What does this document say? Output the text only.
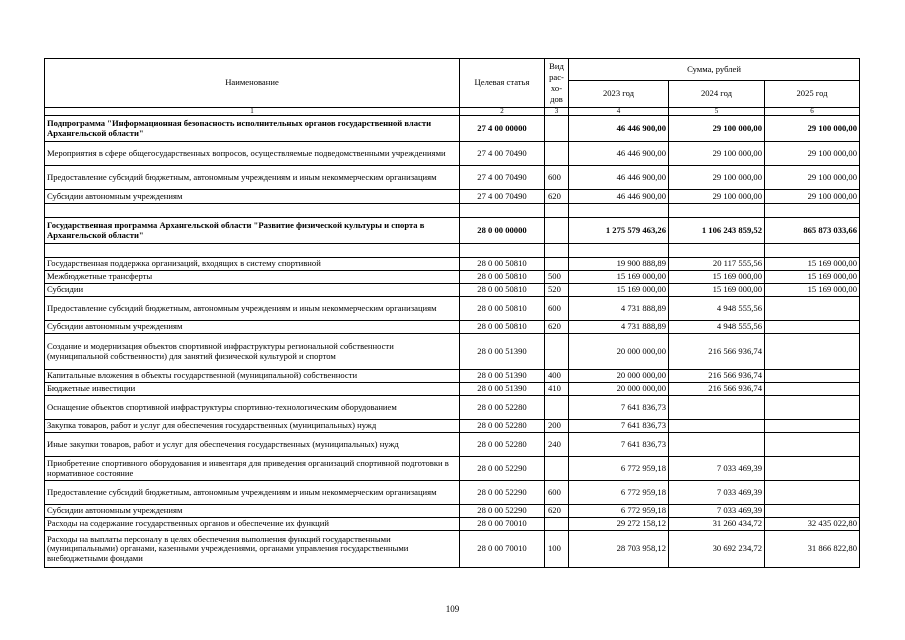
Наименование	Целевая статья	Вид рас-
хо-
дов	Сумма, рублей		
			2023 год	2024 год	2025 год
1	2	3	4	5	6
Подпрограмма "Информационная безопасность исполнительных органов государственной власти Архангельской области"	27 4 00 00000		46 446 900,00	29 100 000,00	29 100 000,00
Мероприятия в сфере общегосударственных вопросов, осуществляемые подведомственными учреждениями	27 4 00 70490		46 446 900,00	29 100 000,00	29 100 000,00
Предоставление субсидий бюджетным, автономным учреждениям и иным некоммерческим организациям	27 4 00 70490	600	46 446 900,00	29 100 000,00	29 100 000,00
Субсидии автономным учреждениям	27 4 00 70490	620	46 446 900,00	29 100 000,00	29 100 000,00

Государственная программа Архангельской области "Развитие физической культуры и спорта в Архангельской области"	28 0 00 00000		1 275 579 463,26	1 106 243 859,52	865 873 033,66

Государственная поддержка организаций, входящих в систему спортивной	28 0 00 50810		19 900 888,89	20 117 555,56	15 169 000,00
Межбюджетные трансферты	28 0 00 50810	500	15 169 000,00	15 169 000,00	15 169 000,00
Субсидии	28 0 00 50810	520	15 169 000,00	15 169 000,00	15 169 000,00
Предоставление субсидий бюджетным, автономным учреждениям и иным некоммерческим организациям	28 0 00 50810	600	4 731 888,89	4 948 555,56	
Субсидии автономным учреждениям	28 0 00 50810	620	4 731 888,89	4 948 555,56	
Создание и модернизация объектов спортивной инфраструктуры региональной собственности (муниципальной собственности) для занятий физической культурой и спортом	28 0 00 51390		20 000 000,00	216 566 936,74	
Капитальные вложения в объекты государственной (муниципальной) собственности	28 0 00 51390	400	20 000 000,00	216 566 936,74	
Бюджетные инвестиции	28 0 00 51390	410	20 000 000,00	216 566 936,74	
Оснащение объектов спортивной инфраструктуры спортивно-технологическим оборудованием	28 0 00 52280		7 641 836,73		
Закупка товаров, работ и услуг для обеспечения государственных (муниципальных) нужд	28 0 00 52280	200	7 641 836,73		
Иные закупки товаров, работ и услуг для обеспечения государственных (муниципальных) нужд	28 0 00 52280	240	7 641 836,73		
Приобретение спортивного оборудования и инвентаря для приведения организаций спортивной подготовки в нормативное состояние	28 0 00 52290		6 772 959,18	7 033 469,39	
Предоставление субсидий бюджетным, автономным учреждениям и иным некоммерческим организациям	28 0 00 52290	600	6 772 959,18	7 033 469,39	
Субсидии автономным учреждениям	28 0 00 52290	620	6 772 959,18	7 033 469,39	
Расходы на содержание государственных органов и обеспечение их функций	28 0 00 70010		29 272 158,12	31 260 434,72	32 435 022,80
Расходы на выплаты персоналу в целях обеспечения выполнения функций государственными (муниципальными) органами, казенными учреждениями, органами управления государственными внебюджетными фондами	28 0 00 70010	100	28 703 958,12	30 692 234,72	31 866 822,80
109
